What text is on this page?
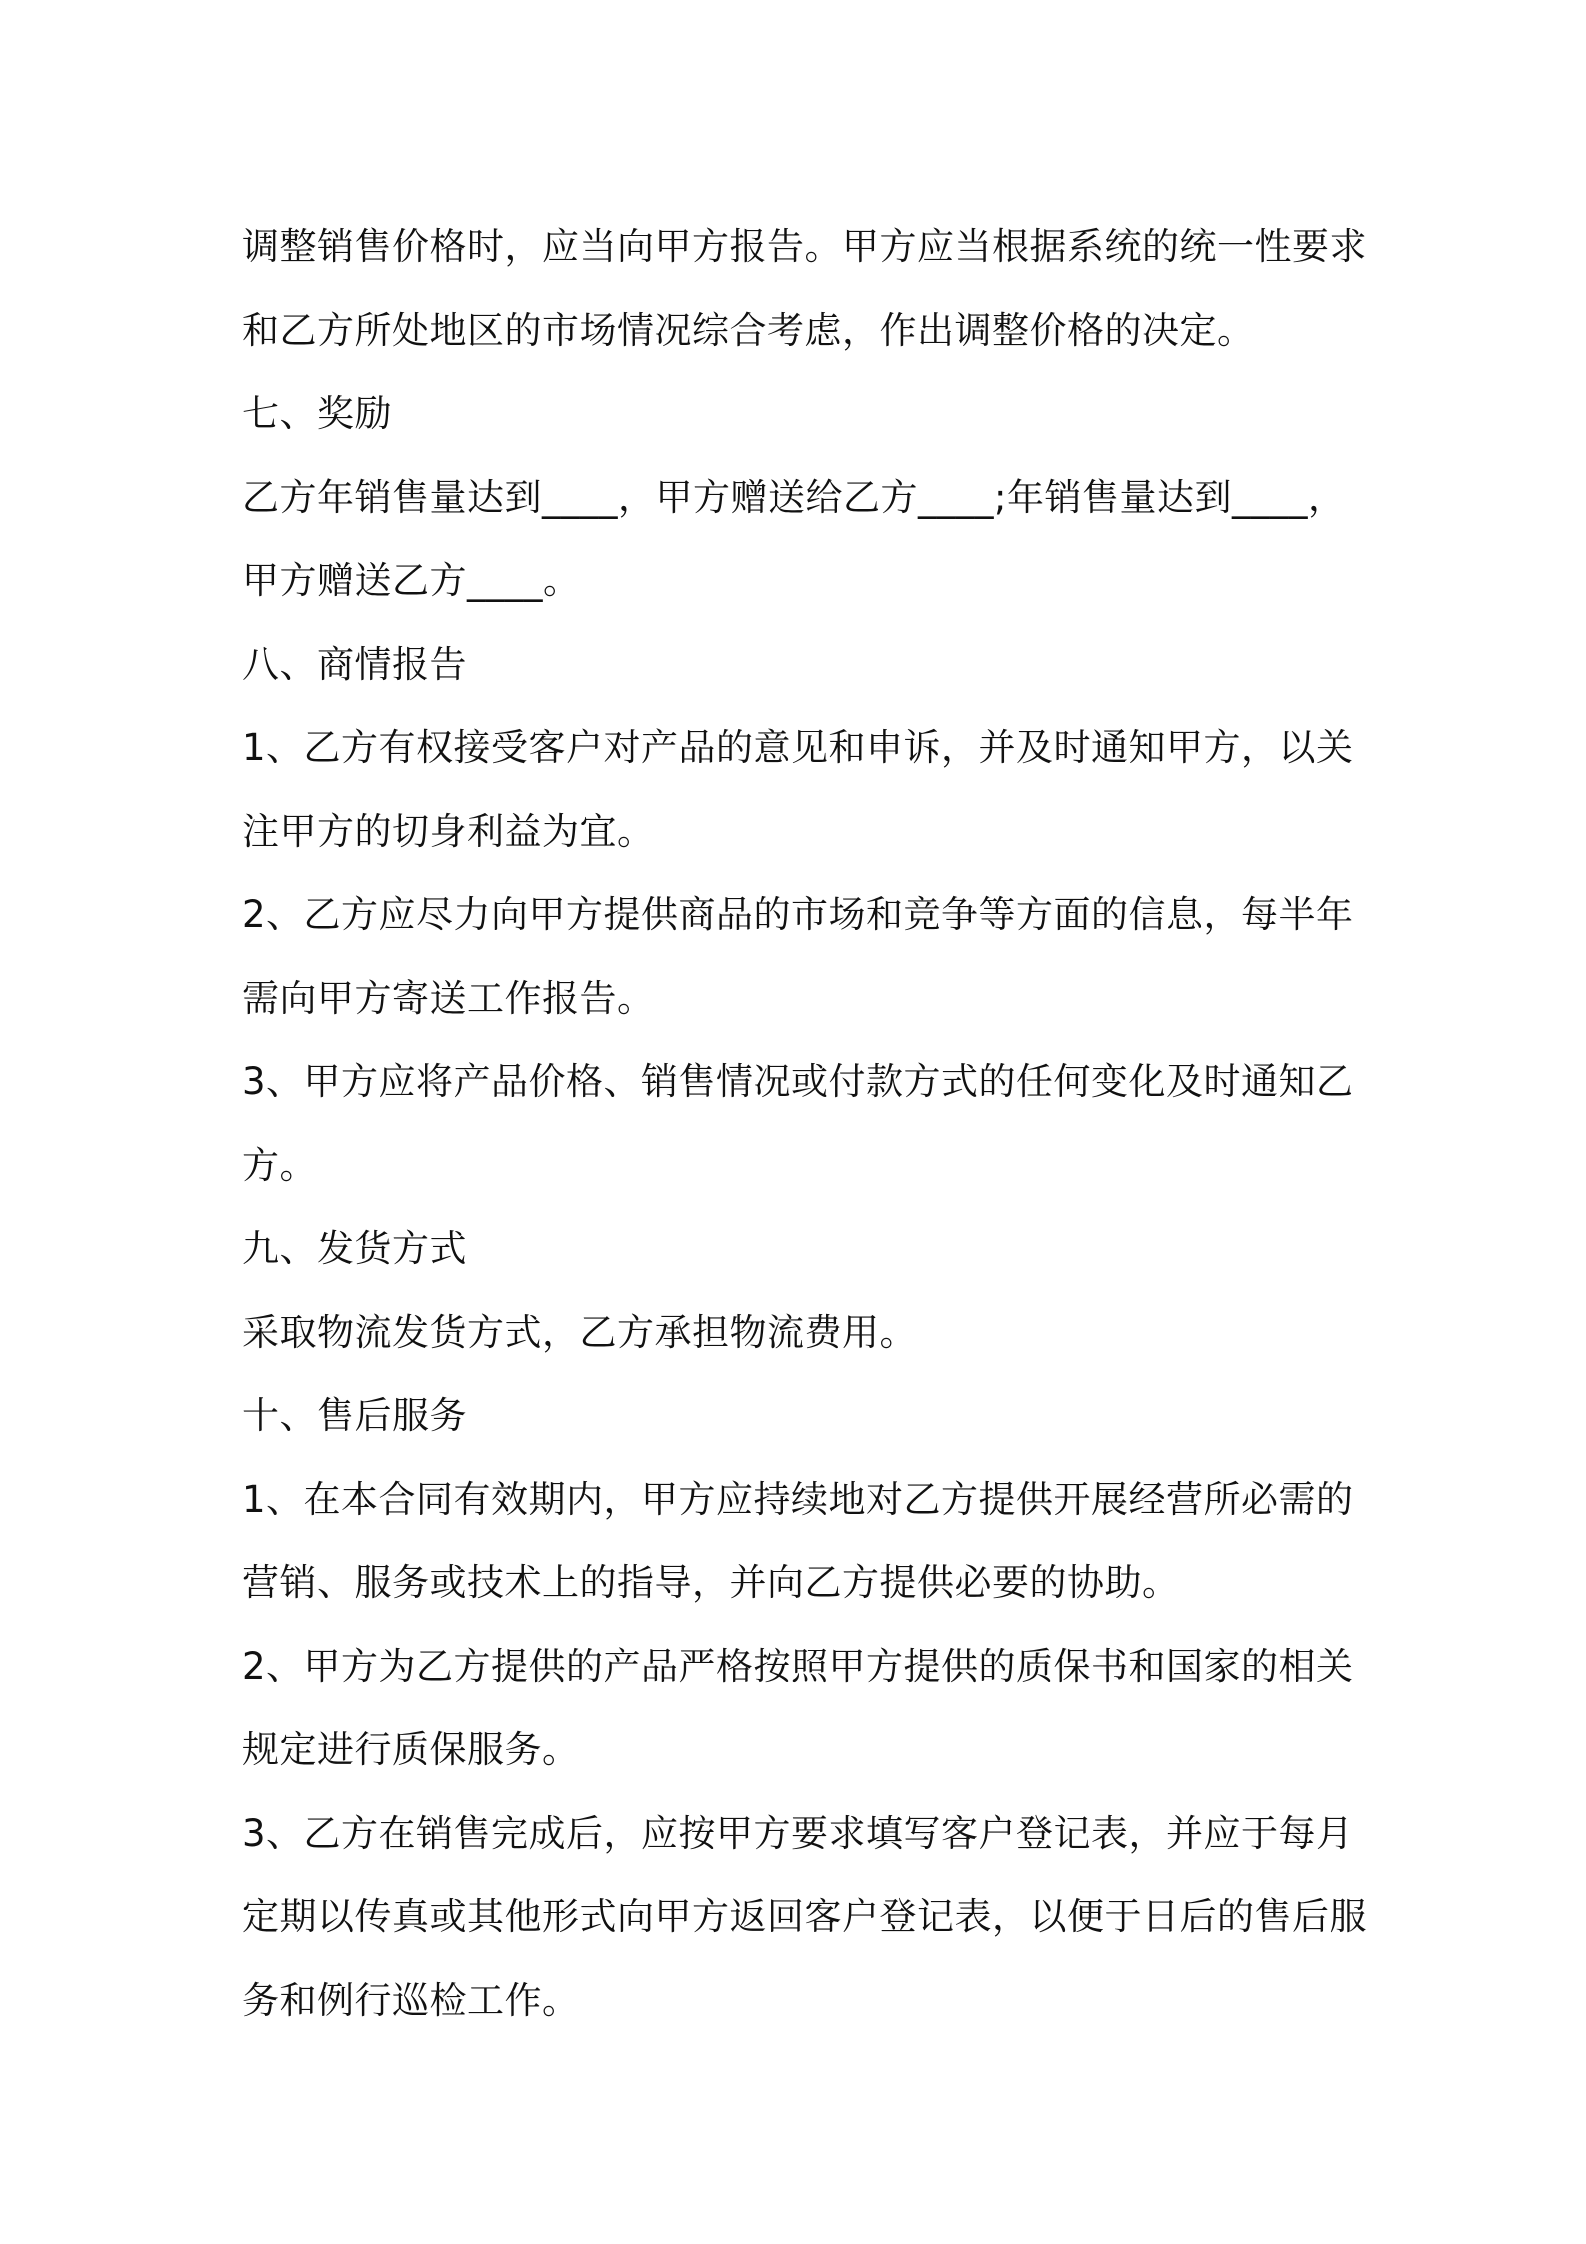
调整销售价格时，应当向甲方报告。甲方应当根据系统的统一性要求
和乙方所处地区的市场情况综合考虑，作出调整价格的决定。
七、奖励
乙方年销售量达到____，甲方赠送给乙方____;年销售量达到____，
甲方赠送乙方____。
八、商情报告
1、乙方有权接受客户对产品的意见和申诉，并及时通知甲方，以关
注甲方的切身利益为宜。
2、乙方应尽力向甲方提供商品的市场和竞争等方面的信息，每半年
需向甲方寄送工作报告。
3、甲方应将产品价格、销售情况或付款方式的任何变化及时通知乙
方。
九、发货方式
采取物流发货方式，乙方承担物流费用。
十、售后服务
1、在本合同有效期内，甲方应持续地对乙方提供开展经营所必需的
营销、服务或技术上的指导，并向乙方提供必要的协助。
2、甲方为乙方提供的产品严格按照甲方提供的质保书和国家的相关
规定进行质保服务。
3、乙方在销售完成后，应按甲方要求填写客户登记表，并应于每月
定期以传真或其他形式向甲方返回客户登记表，以便于日后的售后服
务和例行巡检工作。
